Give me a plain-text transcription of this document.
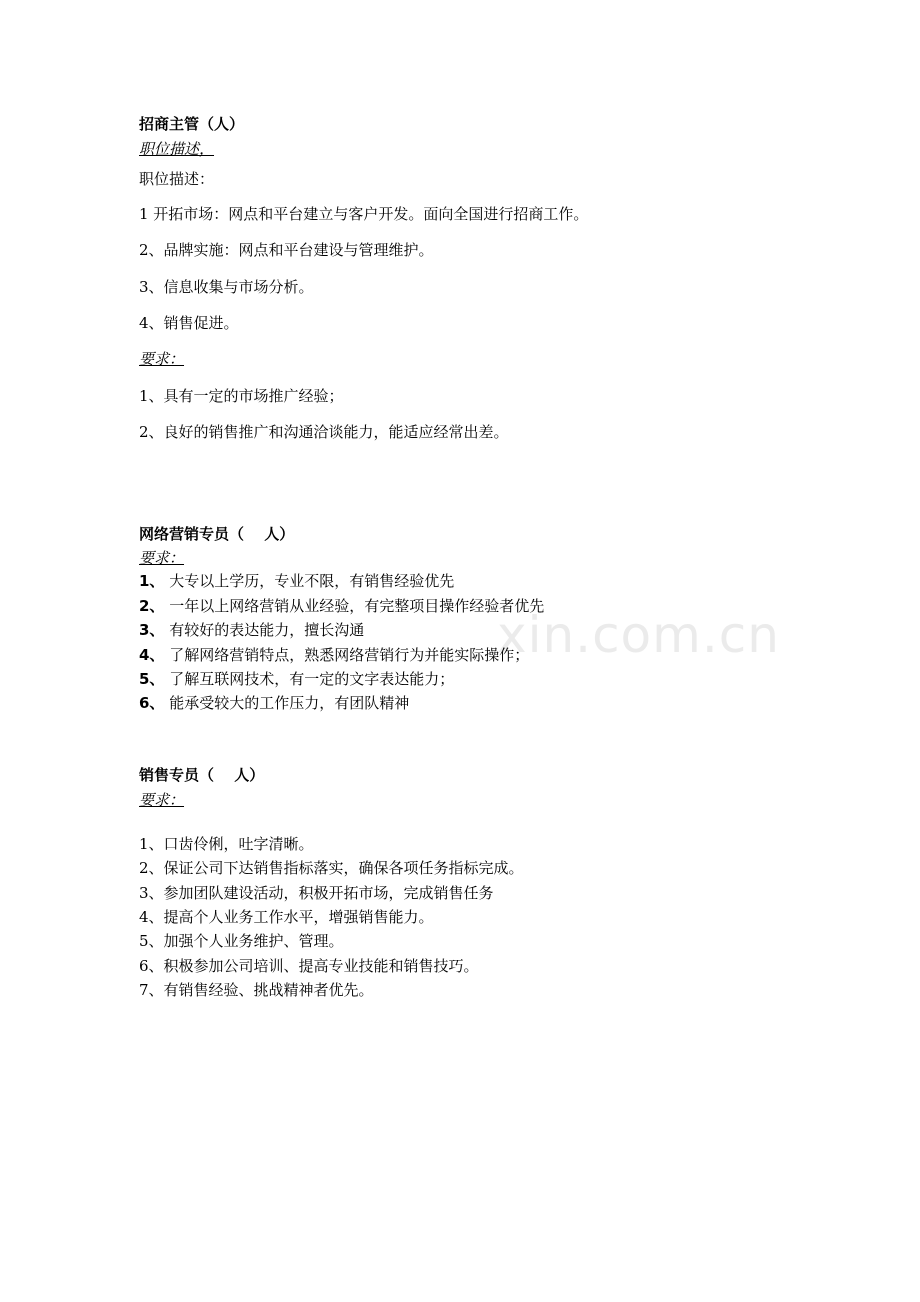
xin.com.cn
招商主管（人）
职位描述，
职位描述：
1 开拓市场：网点和平台建立与客户开发。面向全国进行招商工作。
2、品牌实施：网点和平台建设与管理维护。
3、信息收集与市场分析。
4、销售促进。
要求：
1、具有一定的市场推广经验；
2、良好的销售推广和沟通洽谈能力，能适应经常出差。
网络营销专员（　 人）
要求：
1、 大专以上学历，专业不限，有销售经验优先
2、 一年以上网络营销从业经验，有完整项目操作经验者优先
3、 有较好的表达能力，擅长沟通
4、 了解网络营销特点，熟悉网络营销行为并能实际操作；
5、 了解互联网技术，有一定的文字表达能力；
6、 能承受较大的工作压力，有团队精神
销售专员（　 人）
要求：
1、口齿伶俐，吐字清晰。
2、保证公司下达销售指标落实，确保各项任务指标完成。
3、参加团队建设活动，积极开拓市场，完成销售任务
4、提高个人业务工作水平，增强销售能力。
5、加强个人业务维护、管理。
6、积极参加公司培训、提高专业技能和销售技巧。
7、有销售经验、挑战精神者优先。
